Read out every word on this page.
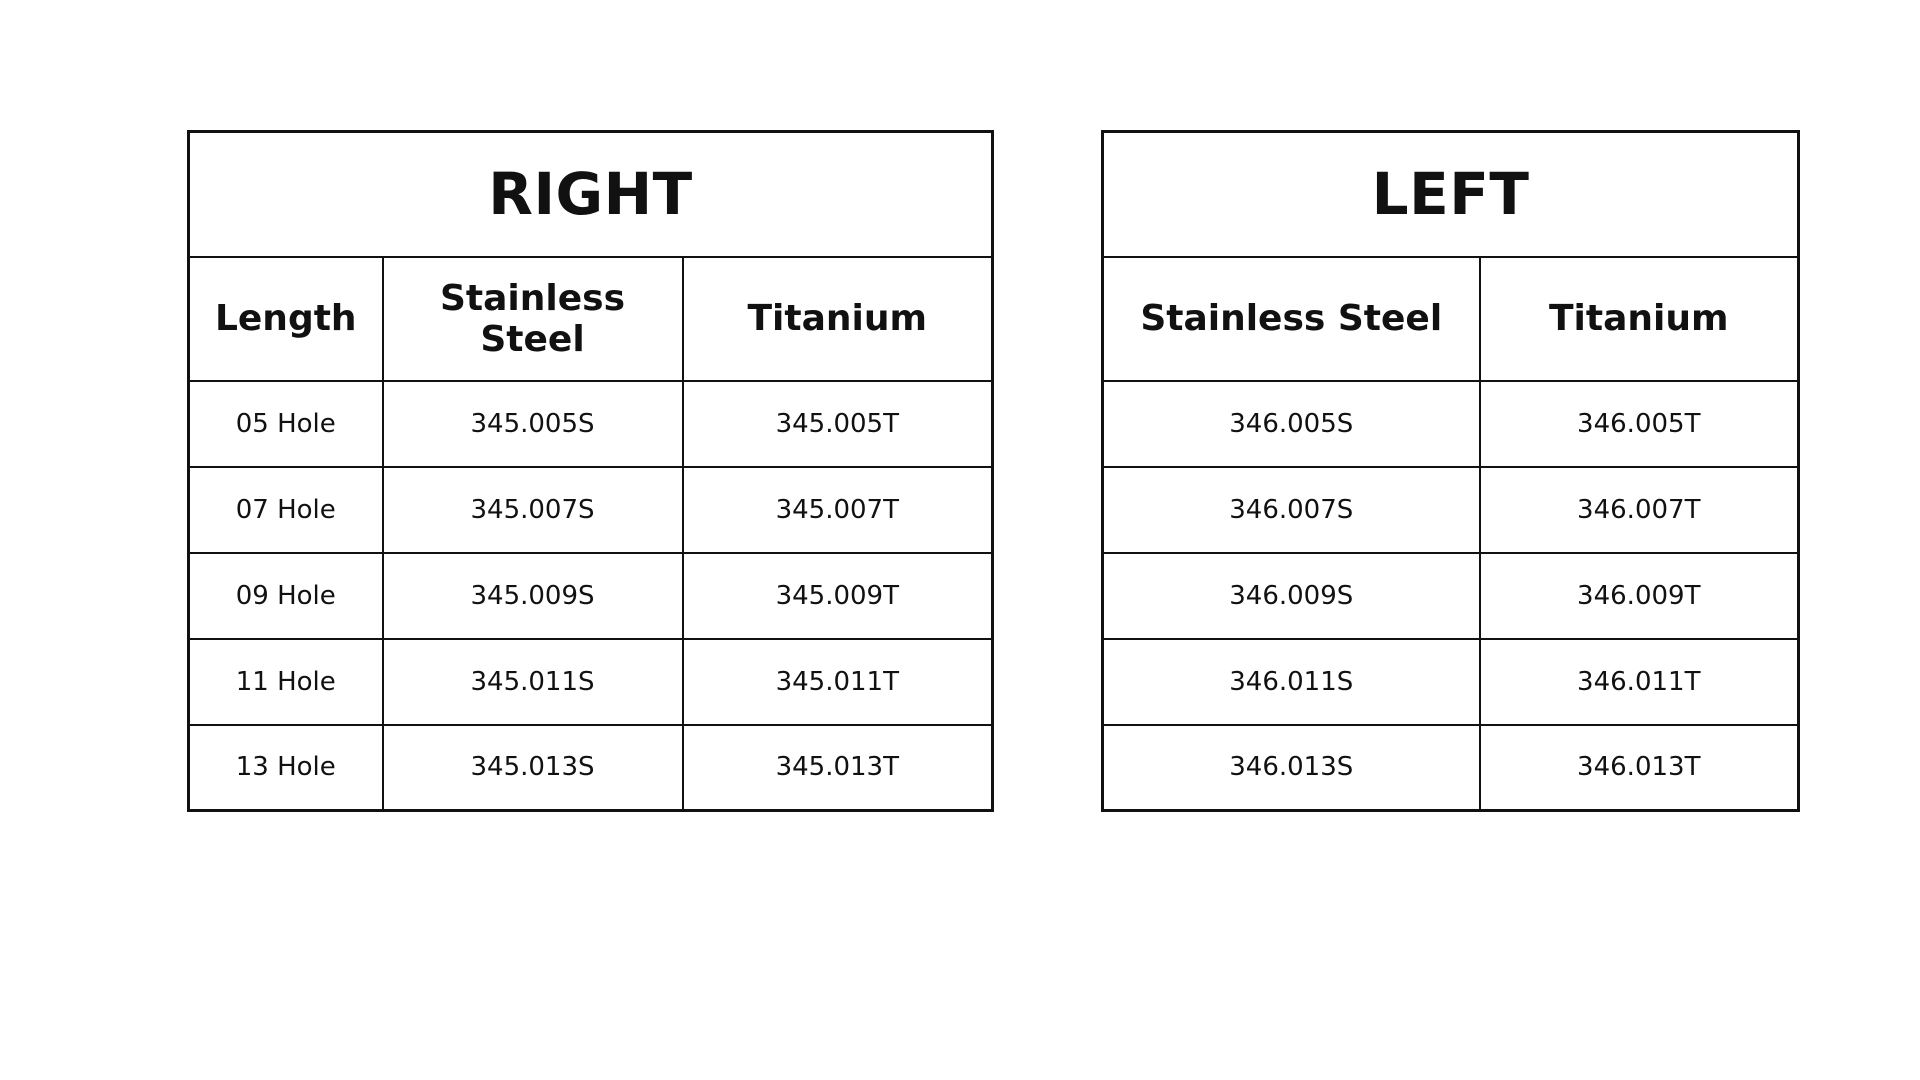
RIGHT		
Length	Stainless Steel	Titanium
05 Hole	345.005S	345.005T
07 Hole	345.007S	345.007T
09 Hole	345.009S	345.009T
11 Hole	345.011S	345.011T
13 Hole	345.013S	345.013T
LEFT	
Stainless Steel	Titanium
346.005S	346.005T
346.007S	346.007T
346.009S	346.009T
346.011S	346.011T
346.013S	346.013T
